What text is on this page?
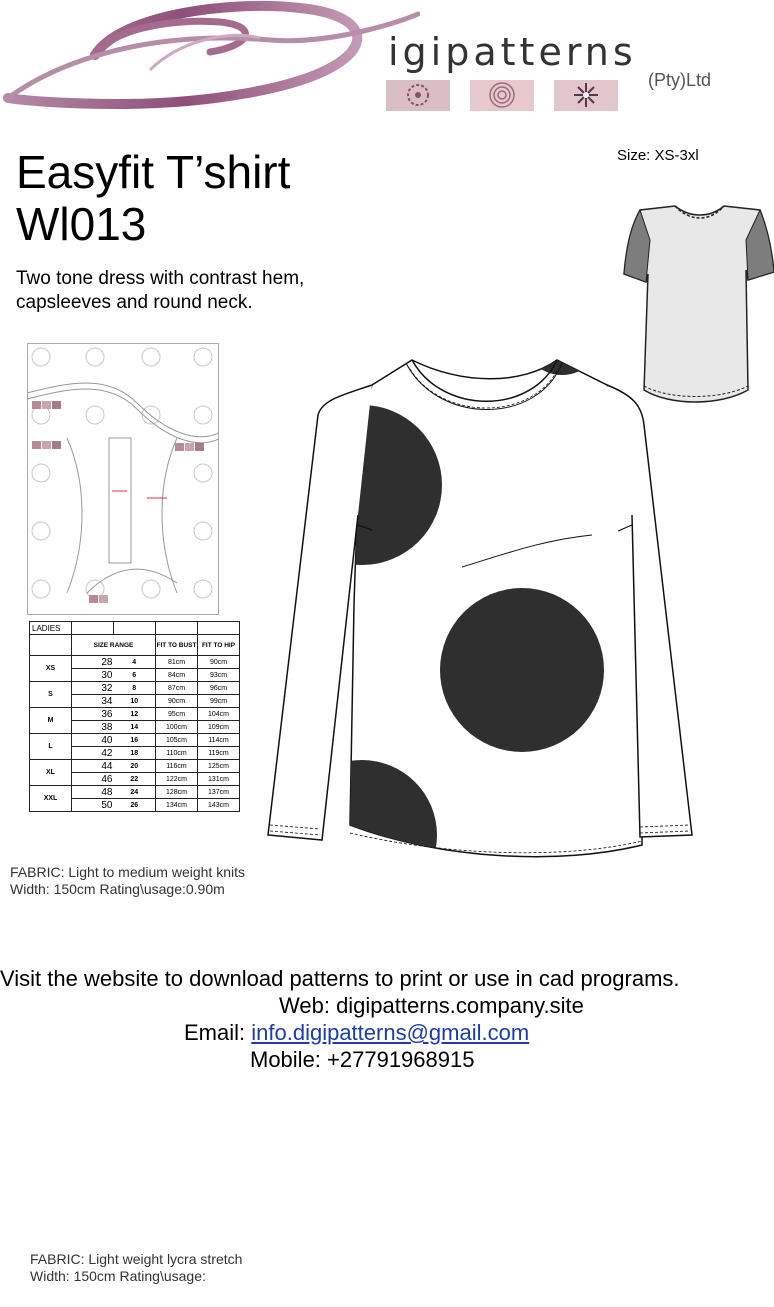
igipatterns
(Pty)Ltd
Easyfit T’shirt
Wl013
Two tone dress with contrast hem, capsleeves and round neck.
Size: XS-3xl
LADIES				
	SIZE RANGE		FIT TO BUST	FIT TO HIP
XS	28	4	81cm	90cm
	30	6	84cm	93cm
S	32	8	87cm	96cm
	34	10	90cm	99cm
M	36	12	95cm	104cm
	38	14	100cm	109cm
L	40	16	105cm	114cm
	42	18	110cm	119cm
XL	44	20	116cm	125cm
	46	22	122cm	131cm
XXL	48	24	128cm	137cm
	50	26	134cm	143cm
FABRIC: Light to medium weight knits
Width: 150cm Rating\usage:0.90m
Visit the website to download patterns to print or use in cad programs.
Web: digipatterns.company.site
Email: info.digipatterns@gmail.com
Mobile: +27791968915
FABRIC: Light weight lycra stretch
Width: 150cm Rating\usage:
